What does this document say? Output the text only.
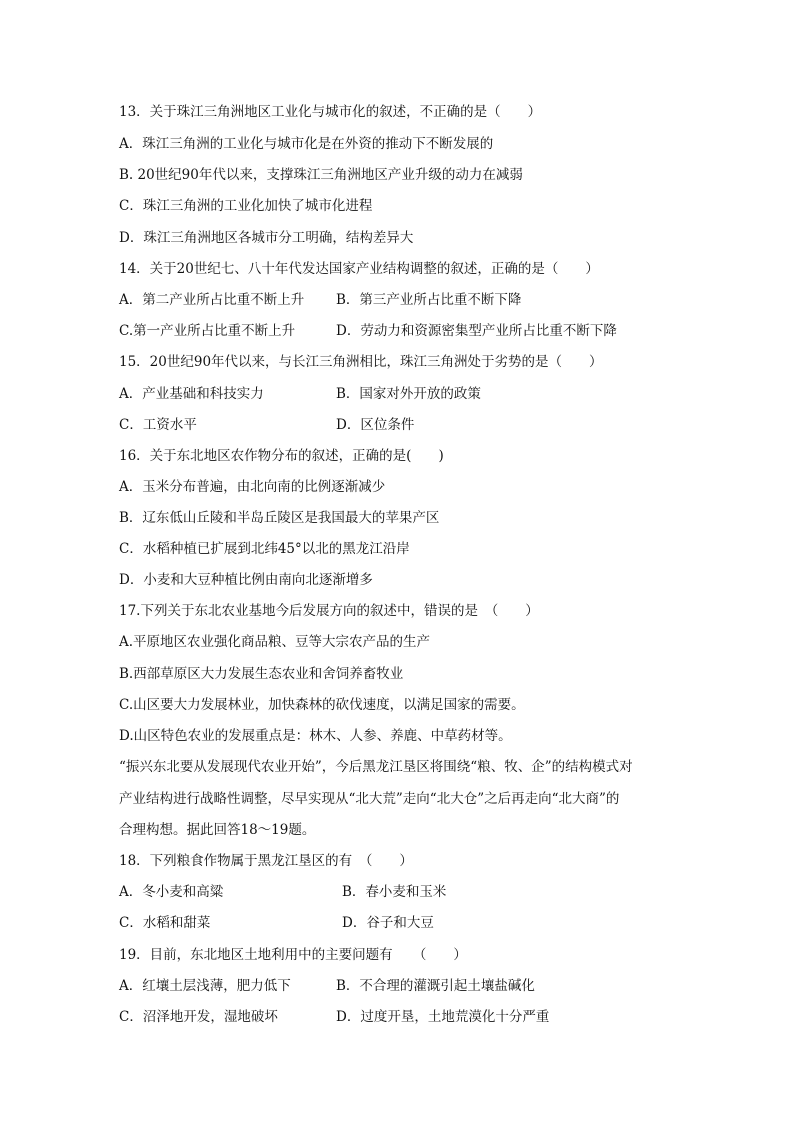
13．关于珠江三角洲地区工业化与城市化的叙述，不正确的是（　　）
A．珠江三角洲的工业化与城市化是在外资的推动下不断发展的
B. 20世纪90年代以来，支撑珠江三角洲地区产业升级的动力在减弱
C．珠江三角洲的工业化加快了城市化进程
D．珠江三角洲地区各城市分工明确，结构差异大
14．关于20世纪七、八十年代发达国家产业结构调整的叙述，正确的是（　　）
A．第二产业所占比重不断上升 B．第三产业所占比重不断下降
C.第一产业所占比重不断上升	D．劳动力和资源密集型产业所占比重不断下降
15．20世纪90年代以来，与长江三角洲相比，珠江三角洲处于劣势的是（　　）
A．产业基础和科技实力	B．国家对外开放的政策
C．工资水平	D．区位条件
16．关于东北地区农作物分布的叙述，正确的是(　　)
A．玉米分布普遍，由北向南的比例逐渐减少
B．辽东低山丘陵和半岛丘陵区是我国最大的苹果产区
C．水稻种植已扩展到北纬45°以北的黑龙江沿岸
D．小麦和大豆种植比例由南向北逐渐增多
17.下列关于东北农业基地今后发展方向的叙述中，错误的是　（　　）
A.平原地区农业强化商品粮、豆等大宗农产品的生产
B.西部草原区大力发展生态农业和舍饲养畜牧业
C.山区要大力发展林业，加快森林的砍伐速度，以满足国家的需要。
D.山区特色农业的发展重点是：林木、人参、养鹿、中草药材等。
“振兴东北要从发展现代农业开始”，今后黑龙江垦区将围绕“粮、牧、企”的结构模式对
产业结构进行战略性调整，尽早实现从“北大荒”走向“北大仓”之后再走向“北大商”的
合理构想。据此回答18～19题。
18．下列粮食作物属于黑龙江垦区的有　（　　）
A．冬小麦和高粱	B．春小麦和玉米
C．水稻和甜菜	D．谷子和大豆
19．目前，东北地区土地利用中的主要问题有　　（　　）
A．红壤土层浅薄，肥力低下	B．不合理的灌溉引起土壤盐碱化
C．沼泽地开发，湿地破坏	D．过度开垦，土地荒漠化十分严重
